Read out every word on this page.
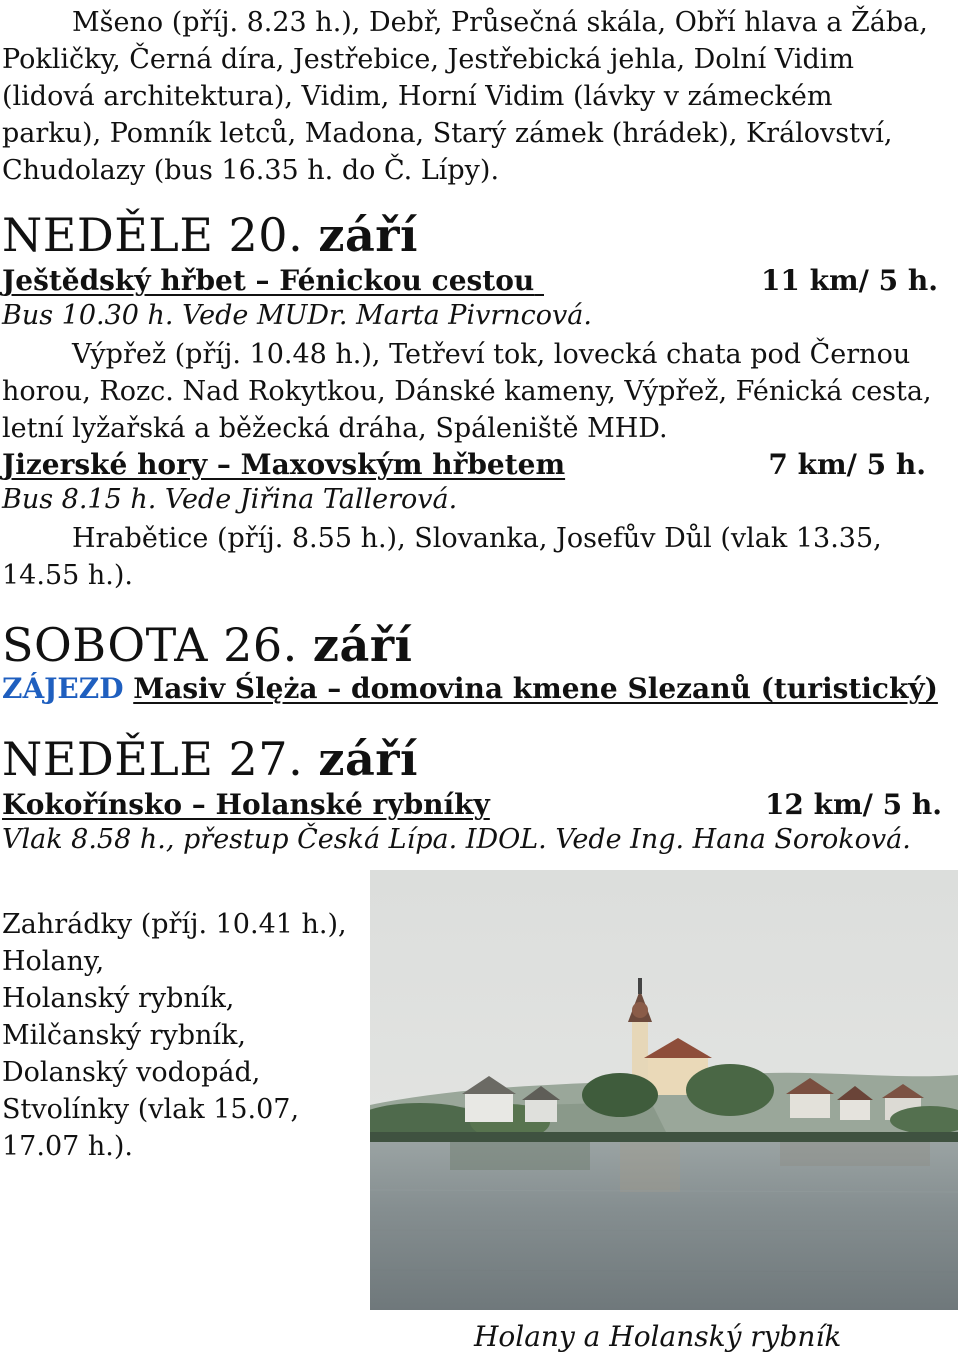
Mšeno (příj. 8.23 h.), Debř, Průsečná skála, Obří hlava a Žába,
Pokličky, Černá díra, Jestřebice, Jestřebická jehla, Dolní Vidim
(lidová architektura), Vidim, Horní Vidim (lávky v zámeckém
parku), Pomník letců, Madona, Starý zámek (hrádek), Království,
Chudolazy (bus 16.35 h. do Č. Lípy).
NEDĚLE 20. září
Ještědský hřbet – Fénickou cestou	11 km/ 5 h.
Bus 10.30 h. Vede MUDr. Marta Pivrncová.
Výpřež (příj. 10.48 h.), Tetřeví tok, lovecká chata pod Černou
horou, Rozc. Nad Rokytkou, Dánské kameny, Výpřež, Fénická cesta,
letní lyžařská a běžecká dráha, Spáleniště MHD.
Jizerské hory – Maxovským hřbetem	7 km/ 5 h.
Bus 8.15 h. Vede Jiřina Tallerová.
Hrabětice (příj. 8.55 h.), Slovanka, Josefův Důl (vlak 13.35,
14.55 h.).
SOBOTA 26. září
ZÁJEZD Masiv Ślęża – domovina kmene Slezanů (turistický)
NEDĚLE 27. září
Kokořínsko – Holanské rybníky	12 km/ 5 h.
Vlak 8.58 h., přestup Česká Lípa. IDOL. Vede Ing. Hana Soroková.
Zahrádky (příj. 10.41 h.),
Holany,
Holanský rybník,
Milčanský rybník,
Dolanský vodopád,
Stvolínky (vlak 15.07,
17.07 h.).
Holany a Holanský rybník
